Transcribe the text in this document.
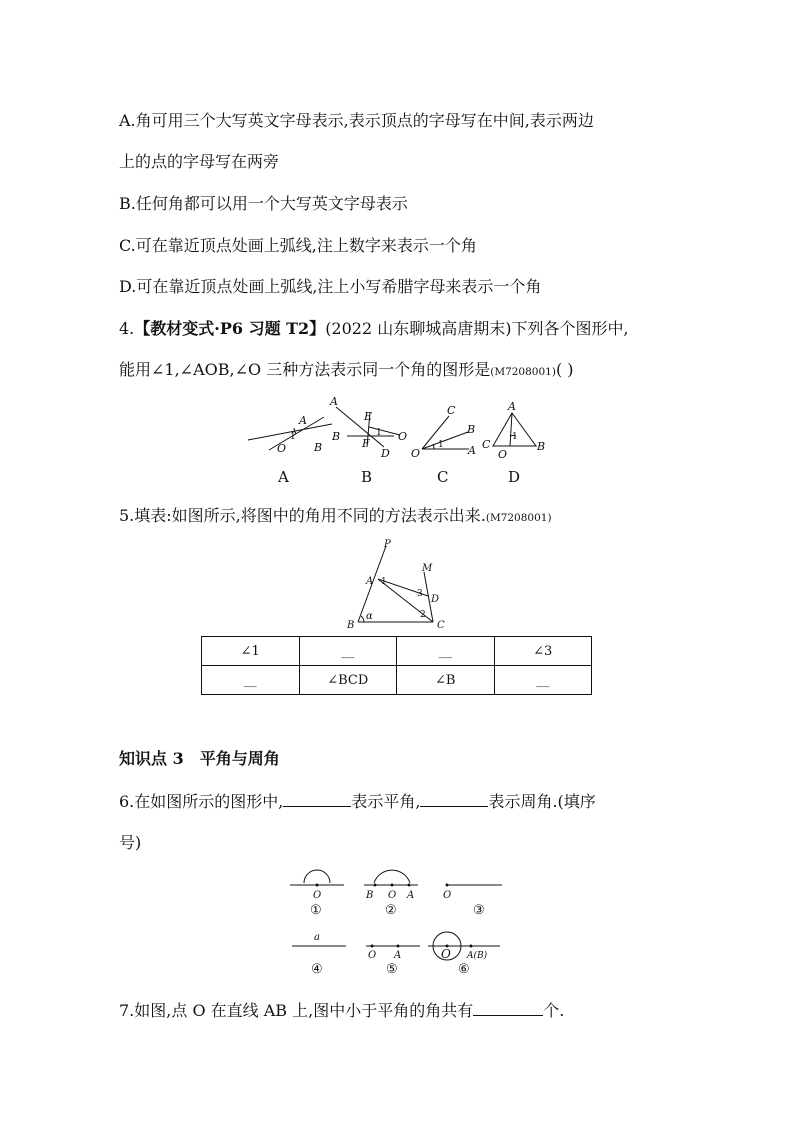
A.角可用三个大写英文字母表示,表示顶点的字母写在中间,表示两边
上的点的字母写在两旁
B.任何角都可以用一个大写英文字母表示
C.可在靠近顶点处画上弧线,注上数字来表示一个角
D.可在靠近顶点处画上弧线,注上小写希腊字母来表示一个角
4.【教材变式·P6 习题 T2】(2022 山东聊城高唐期末)下列各个图形中,
能用∠1,∠AOB,∠O 三种方法表示同一个角的图形是(M7208001)( )
A
1
O	B
A
E
B
F
O
1
D
C
B
1
O	A
A
1
C
O
B
A	B	C	D
5.填表:如图所示,将图中的角用不同的方法表示出来.(M7208001)
P
M
A 1
3 D
α	2
B	C
∠1	__	__	∠3
__	∠BCD	∠B	__
知识点 3　平角与周角
6.在如图所示的图形中,	表示平角,	表示周角.(填序
号)
O	B O A	O
a
O A	O A(B)
①	②	③
④	⑤	⑥
7.如图,点 O 在直线 AB 上,图中小于平角的角共有	个.
